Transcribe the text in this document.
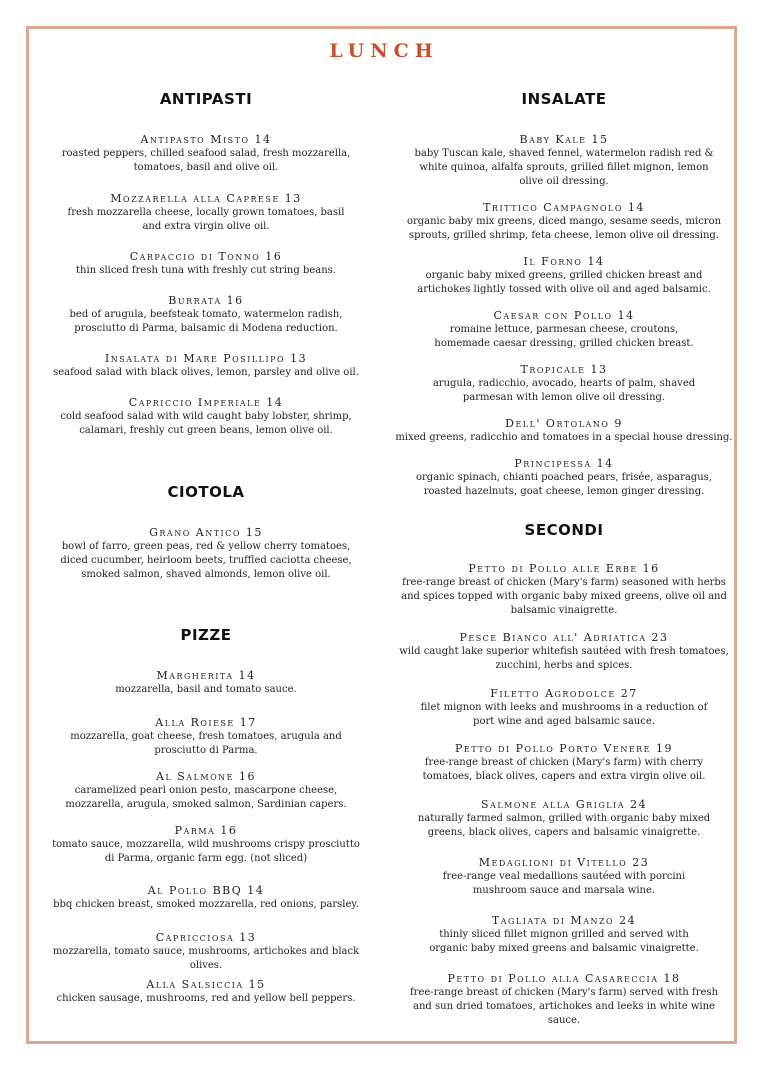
LUNCH
ANTIPASTI
Antipasto Misto 14
roasted peppers, chilled seafood salad, fresh mozzarella, tomatoes, basil and olive oil.
Mozzarella alla Caprese 13
fresh mozzarella cheese, locally grown tomatoes, basil and extra virgin olive oil.
Carpaccio di Tonno 16
thin sliced fresh tuna with freshly cut string beans.
Burrata 16
bed of arugula, beefsteak tomato, watermelon radish, prosciutto di Parma, balsamic di Modena reduction.
Insalata di Mare Posillipo 13
seafood salad with black olives, lemon, parsley and olive oil.
Capriccio Imperiale 14
cold seafood salad with wild caught baby lobster, shrimp, calamari, freshly cut green beans, lemon olive oil.
CIOTOLA
Grano Antico 15
bowl of farro, green peas, red & yellow cherry tomatoes, diced cucumber, heirloom beets, truffled caciotta cheese, smoked salmon, shaved almonds, lemon olive oil.
PIZZE
Margherita 14
mozzarella, basil and tomato sauce.
Alla Roiese 17
mozzarella, goat cheese, fresh tomatoes, arugula and prosciutto di Parma.
Al Salmone 16
caramelized pearl onion pesto, mascarpone cheese, mozzarella, arugula, smoked salmon, Sardinian capers.
Parma 16
tomato sauce, mozzarella, wild mushrooms crispy prosciutto di Parma, organic farm egg. (not sliced)
Al Pollo BBQ 14
bbq chicken breast, smoked mozzarella, red onions, parsley.
Capricciosa 13
mozzarella, tomato sauce, mushrooms, artichokes and black olives.
Alla Salsiccia 15
chicken sausage, mushrooms, red and yellow bell peppers.
INSALATE
Baby Kale 15
baby Tuscan kale, shaved fennel, watermelon radish red & white quinoa, alfalfa sprouts, grilled fillet mignon, lemon olive oil dressing.
Trittico Campagnolo 14
organic baby mix greens, diced mango, sesame seeds, micron sprouts, grilled shrimp, feta cheese, lemon olive oil dressing.
Il Forno 14
organic baby mixed greens, grilled chicken breast and artichokes lightly tossed with olive oil and aged balsamic.
Caesar con Pollo 14
romaine lettuce, parmesan cheese, croutons, homemade caesar dressing, grilled chicken breast.
Tropicale 13
arugula, radicchio, avocado, hearts of palm, shaved parmesan with lemon olive oil dressing.
Dell' Ortolano 9
mixed greens, radicchio and tomatoes in a special house dressing.
Principessa 14
organic spinach, chianti poached pears, frisée, asparagus, roasted hazelnuts, goat cheese, lemon ginger dressing.
SECONDI
Petto di Pollo alle Erbe 16
free-range breast of chicken (Mary's farm) seasoned with herbs and spices topped with organic baby mixed greens, olive oil and balsamic vinaigrette.
Pesce Bianco all' Adriatica 23
wild caught lake superior whitefish sautéed with fresh tomatoes, zucchini, herbs and spices.
Filetto Agrodolce 27
filet mignon with leeks and mushrooms in a reduction of port wine and aged balsamic sauce.
Petto di Pollo Porto Venere 19
free-range breast of chicken (Mary's farm) with cherry tomatoes, black olives, capers and extra virgin olive oil.
Salmone alla Griglia 24
naturally farmed salmon, grilled with organic baby mixed greens, black olives, capers and balsamic vinaigrette.
Medaglioni di Vitello 23
free-range veal medallions sautéed with porcini mushroom sauce and marsala wine.
Tagliata di Manzo 24
thinly sliced fillet mignon grilled and served with organic baby mixed greens and balsamic vinaigrette.
Petto di Pollo alla Casareccia 18
free-range breast of chicken (Mary's farm) served with fresh and sun dried tomatoes, artichokes and leeks in white wine sauce.
